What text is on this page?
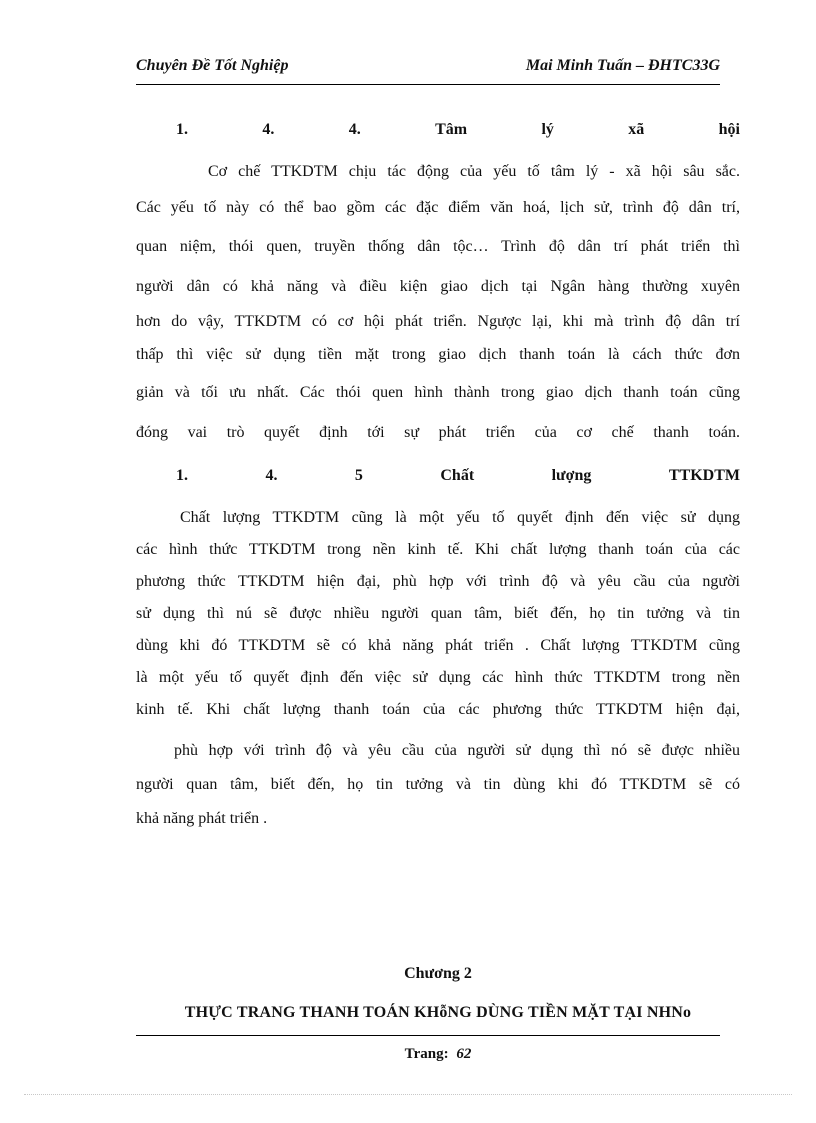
Chuyên Đề Tốt Nghiệp	Mai Minh Tuấn – ĐHTC33G
1.	4.	4.	Tâm	lý	xã	hội

Cơ chế TTKDTM chịu tác động của yếu tố tâm lý - xã hội sâu sắc.
Các yếu tố này có thể bao gồm các đặc điểm văn hoá, lịch sử, trình độ dân trí,
quan niệm, thói quen, truyền thống dân tộc… Trình độ dân trí phát triển thì
người dân có khả năng và điều kiện giao dịch tại Ngân hàng thường xuyên
hơn do vậy, TTKDTM có cơ hội phát triển. Ngược lại, khi mà trình độ dân trí
thấp thì việc sử dụng tiền mặt trong giao dịch thanh toán là cách thức đơn
giản và tối ưu nhất. Các thói quen hình thành trong giao dịch thanh toán cũng
đóng vai trò quyết định tới sự phát triển của cơ chế thanh toán.

1.	4.	5	Chất	lượng	TTKDTM

Chất lượng TTKDTM cũng là một yếu tố quyết định đến việc sử dụng
các hình thức TTKDTM trong nền kinh tế. Khi chất lượng thanh toán của các
phương thức TTKDTM hiện đại, phù hợp với trình độ và yêu cầu của người
sử dụng thì nú sẽ được nhiều người quan tâm, biết đến, họ tin tưởng và tin
dùng khi đó TTKDTM sẽ có khả năng phát triển . Chất lượng TTKDTM cũng
là một yếu tố quyết định đến việc sử dụng các hình thức TTKDTM trong nền
kinh tế. Khi chất lượng thanh toán của các phương thức TTKDTM hiện đại,

phù hợp với trình độ và yêu cầu của người sử dụng thì nó sẽ được nhiều
người quan tâm, biết đến, họ tin tưởng và tin dùng khi đó TTKDTM sẽ có
khả năng phát triển .

Chương 2
THỰC TRANG THANH TOÁN KHỗNG DÙNG TIỀN MẶT TẠI NHNo
Trang: 62
